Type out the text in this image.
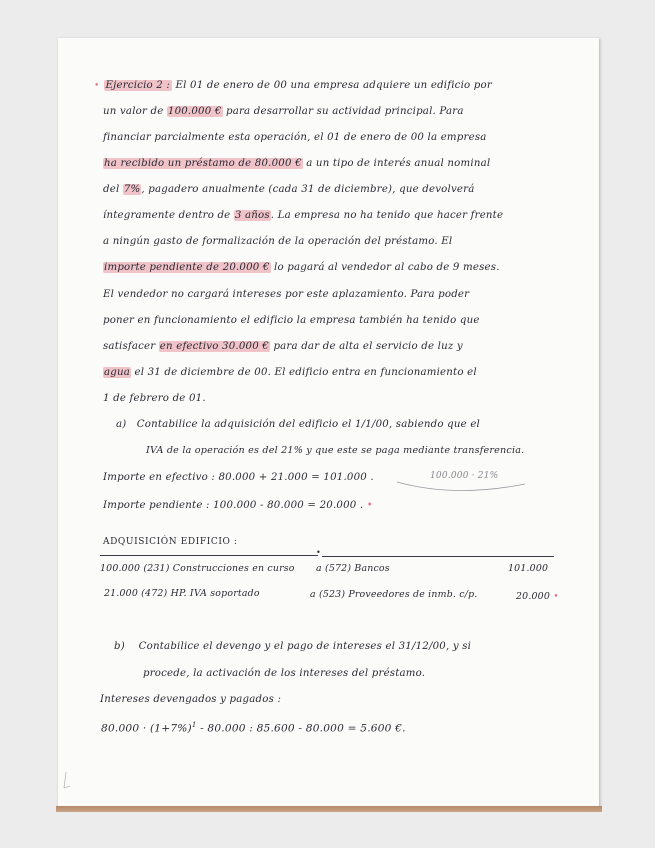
• Ejercicio 2 : El 01 de enero de 00 una empresa adquiere un edificio por
un valor de 100.000 € para desarrollar su actividad principal. Para
financiar parcialmente esta operación, el 01 de enero de 00 la empresa
ha recibido un préstamo de 80.000 € a un tipo de interés anual nominal
del 7%, pagadero anualmente (cada 31 de diciembre), que devolverá
íntegramente dentro de 3 años. La empresa no ha tenido que hacer frente
a ningún gasto de formalización de la operación del préstamo. El
importe pendiente de 20.000 € lo pagará al vendedor al cabo de 9 meses.
El vendedor no cargará intereses por este aplazamiento. Para poder
poner en funcionamiento el edificio la empresa también ha tenido que
satisfacer en efectivo 30.000 € para dar de alta el servicio de luz y
agua el 31 de diciembre de 00. El edificio entra en funcionamiento el
1 de febrero de 01.
a) Contabilice la adquisición del edificio el 1/1/00, sabiendo que el
IVA de la operación es del 21% y que este se paga mediante transferencia.
Importe en efectivo : 80.000 + 21.000 = 101.000 .	100.000 · 21%
Importe pendiente : 100.000 - 80.000 = 20.000 . •
ADQUISICIÓN EDIFICIO :
•
100.000 (231) Construcciones en curso a (572) Bancos	101.000
21.000 (472) HP. IVA soportado	a (523) Proveedores de inmb. c/p.	20.000 •
b) Contabilice el devengo y el pago de intereses el 31/12/00, y si
procede, la activación de los intereses del préstamo.
Intereses devengados y pagados :
$80.000 \cdot (1+7\%)^1 - 80.000$ : 85.600 - 80.000 = 5.600 €.
